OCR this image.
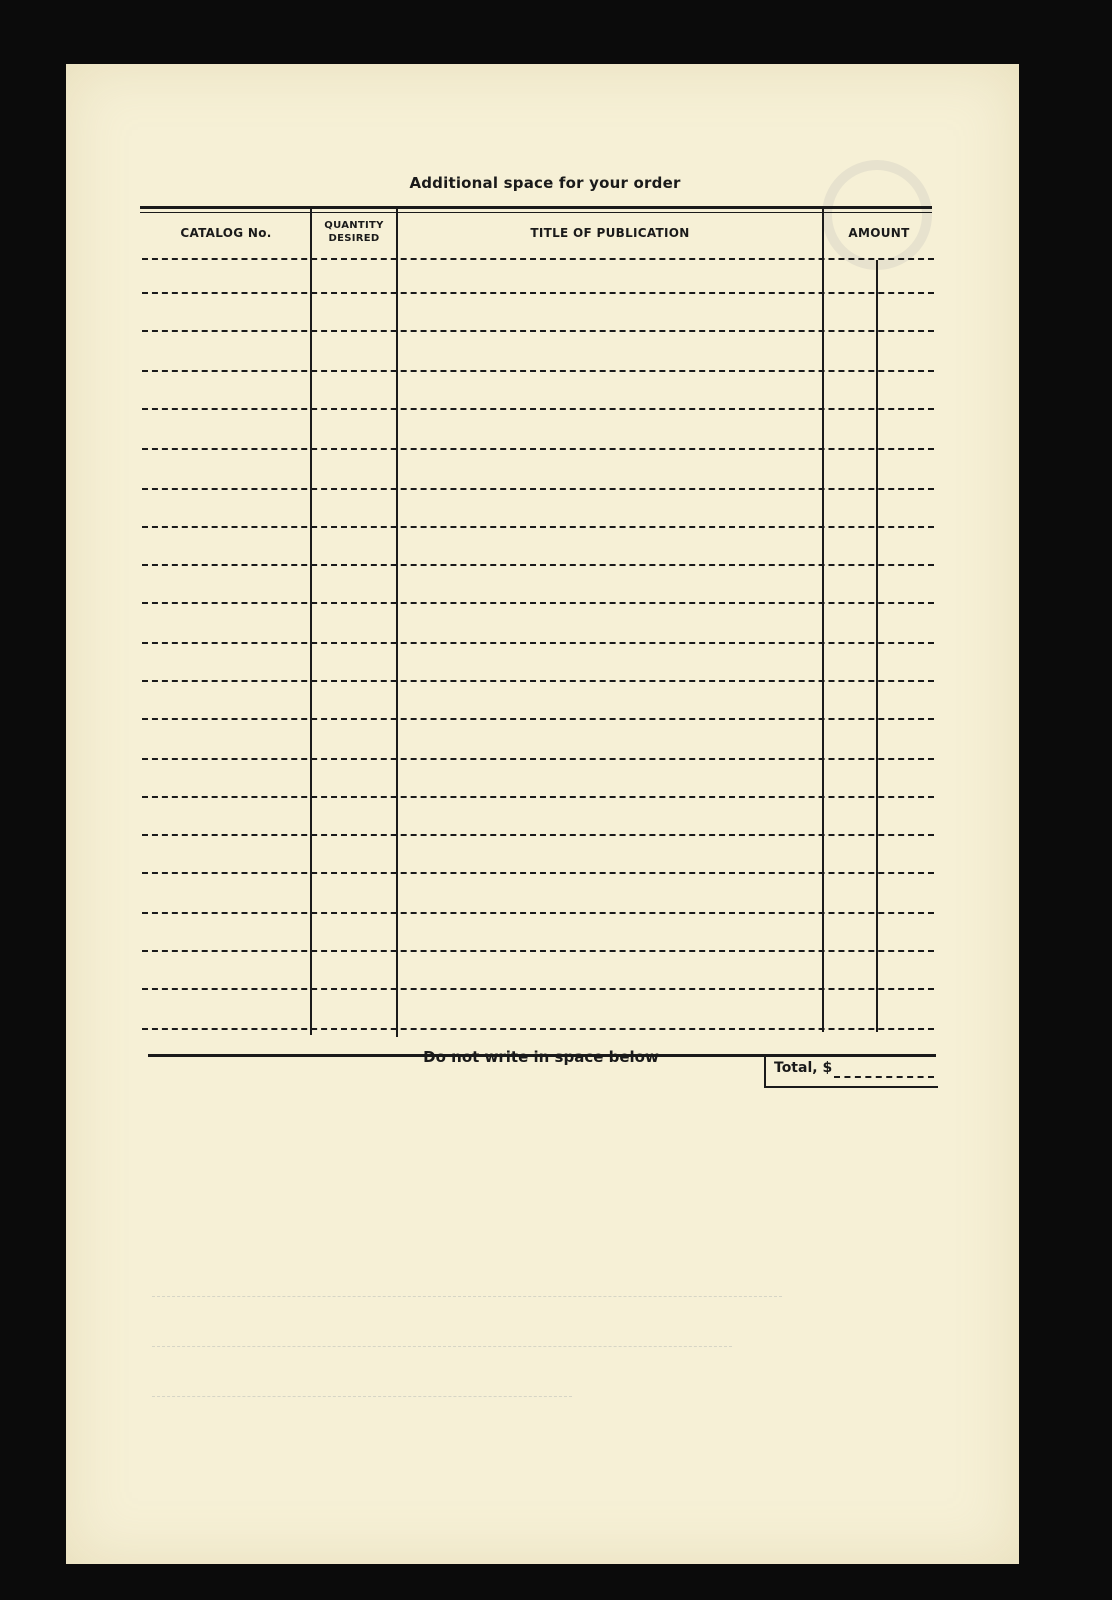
Additional space for your order
CATALOG No.
QUANTITY
DESIRED	TITLE OF PUBLICATION	AMOUNT
Do not write in space below
Total, $
